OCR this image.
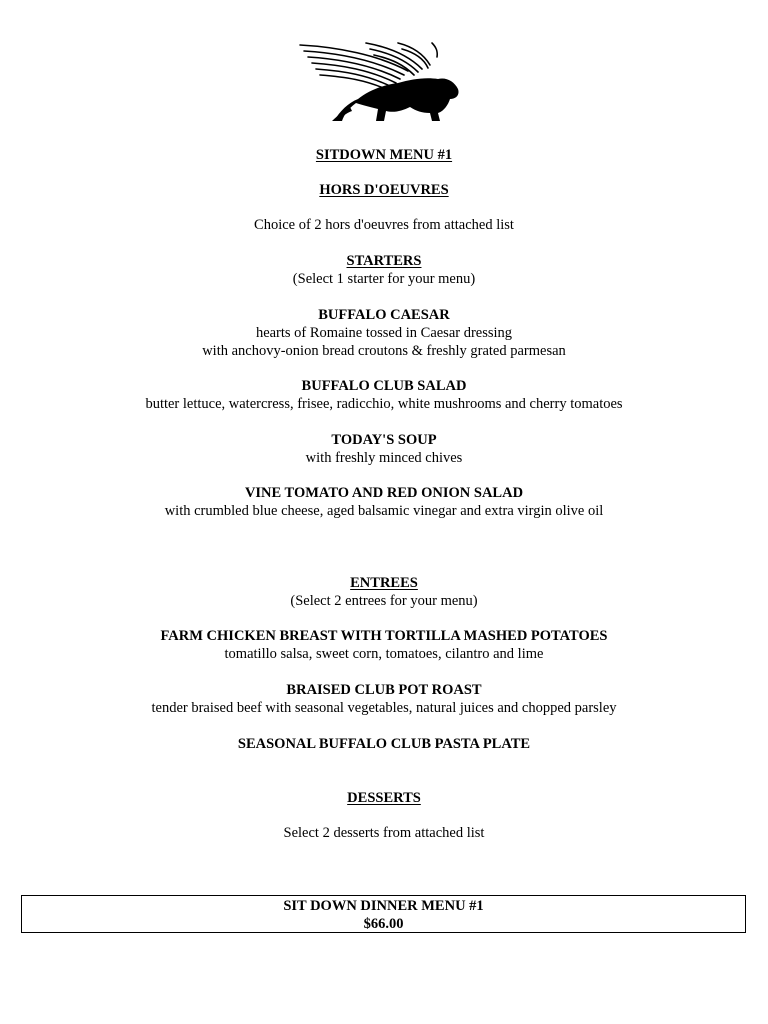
SITDOWN MENU #1
HORS D'OEUVRES
Choice of 2 hors d'oeuvres from attached list
STARTERS
(Select 1 starter for your menu)
BUFFALO CAESAR
hearts of Romaine tossed in Caesar dressing
with anchovy-onion bread croutons & freshly grated parmesan
BUFFALO CLUB SALAD
butter lettuce, watercress, frisee, radicchio, white mushrooms and cherry tomatoes
TODAY'S SOUP
with freshly minced chives
VINE TOMATO AND RED ONION SALAD
with crumbled blue cheese, aged balsamic vinegar and extra virgin olive oil
ENTREES
(Select 2 entrees for your menu)
FARM CHICKEN BREAST WITH TORTILLA MASHED POTATOES
tomatillo salsa, sweet corn, tomatoes, cilantro and lime
BRAISED CLUB POT ROAST
tender braised beef with seasonal vegetables, natural juices and chopped parsley
SEASONAL BUFFALO CLUB PASTA PLATE
DESSERTS
Select 2 desserts from attached list
SIT DOWN DINNER MENU #1
$66.00
